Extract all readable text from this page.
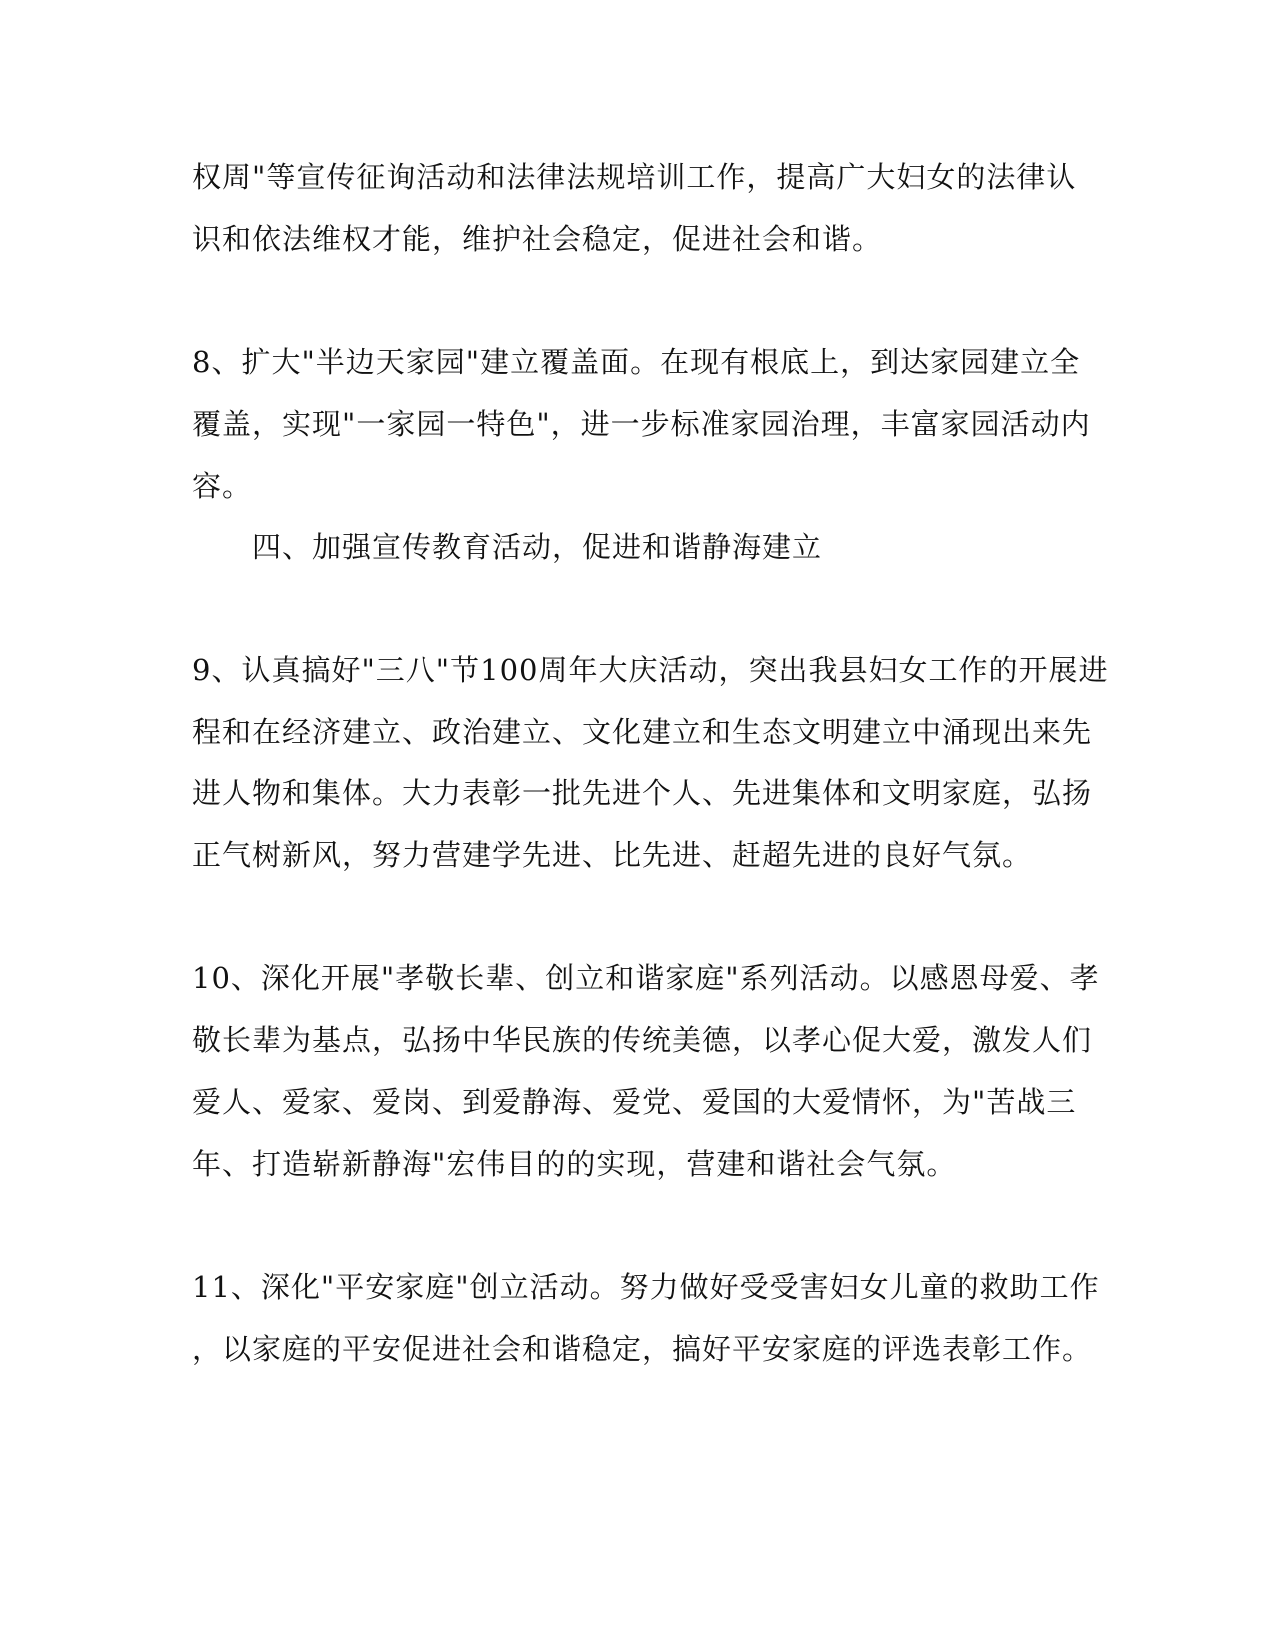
权周"等宣传征询活动和法律法规培训工作，提高广大妇女的法律认
识和依法维权才能，维护社会稳定，促进社会和谐。
8、扩大"半边天家园"建立覆盖面。在现有根底上，到达家园建立全
覆盖，实现"一家园一特色"，进一步标准家园治理，丰富家园活动内
容。
四、加强宣传教育活动，促进和谐静海建立
9、认真搞好"三八"节100周年大庆活动，突出我县妇女工作的开展进
程和在经济建立、政治建立、文化建立和生态文明建立中涌现出来先
进人物和集体。大力表彰一批先进个人、先进集体和文明家庭，弘扬
正气树新风，努力营建学先进、比先进、赶超先进的良好气氛。
10、深化开展"孝敬长辈、创立和谐家庭"系列活动。以感恩母爱、孝
敬长辈为基点，弘扬中华民族的传统美德，以孝心促大爱，激发人们
爱人、爱家、爱岗、到爱静海、爱党、爱国的大爱情怀，为"苦战三
年、打造崭新静海"宏伟目的的实现，营建和谐社会气氛。
11、深化"平安家庭"创立活动。努力做好受受害妇女儿童的救助工作
，以家庭的平安促进社会和谐稳定，搞好平安家庭的评选表彰工作。
